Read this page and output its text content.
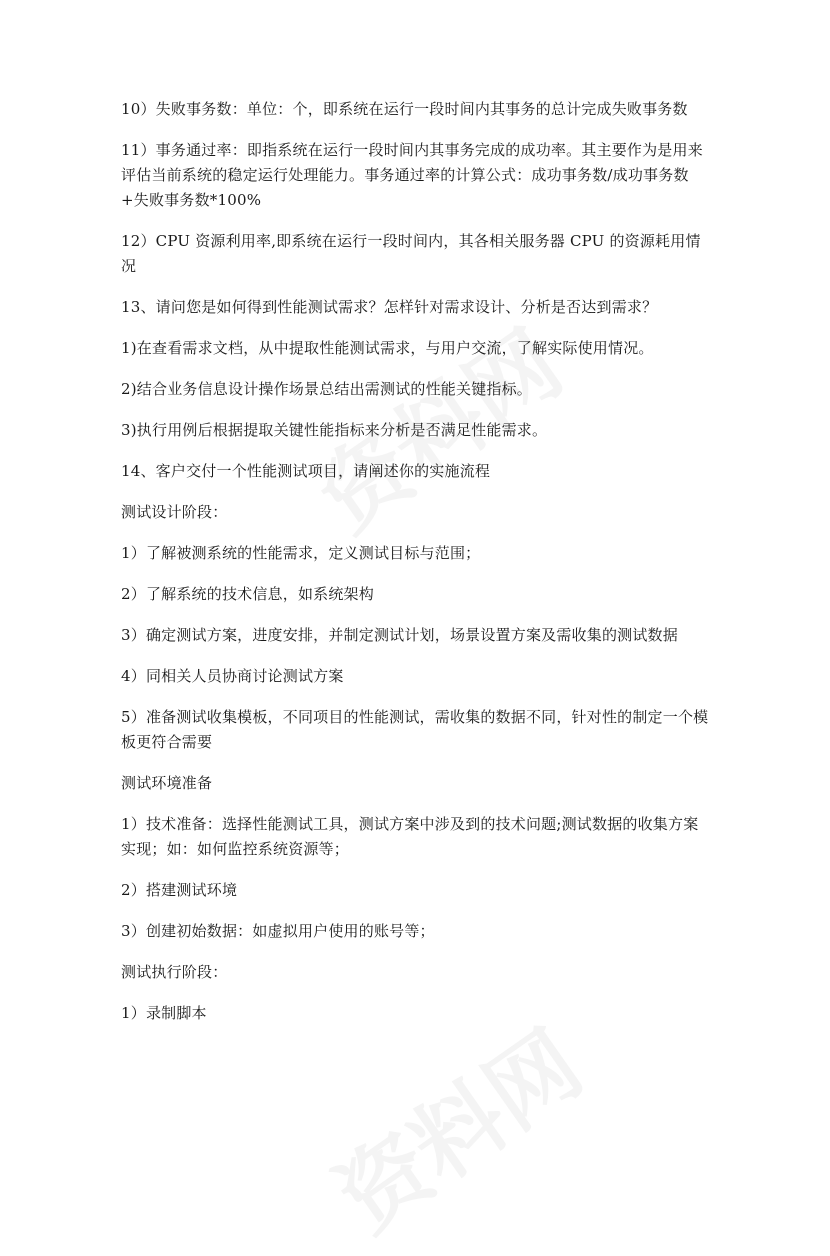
10）失败事务数：单位：个，即系统在运行一段时间内其事务的总计完成失败事务数

11）事务通过率：即指系统在运行一段时间内其事务完成的成功率。其主要作为是用来评估当前系统的稳定运行处理能力。事务通过率的计算公式：成功事务数/成功事务数+失败事务数*100%

12）CPU 资源利用率,即系统在运行一段时间内，其各相关服务器 CPU 的资源耗用情况

13、请问您是如何得到性能测试需求？怎样针对需求设计、分析是否达到需求？

1)在查看需求文档，从中提取性能测试需求，与用户交流，了解实际使用情况。

2)结合业务信息设计操作场景总结出需测试的性能关键指标。

3)执行用例后根据提取关键性能指标来分析是否满足性能需求。

14、客户交付一个性能测试项目，请阐述你的实施流程

测试设计阶段：

1）了解被测系统的性能需求，定义测试目标与范围；

2）了解系统的技术信息，如系统架构

3）确定测试方案，进度安排，并制定测试计划，场景设置方案及需收集的测试数据

4）同相关人员协商讨论测试方案

5）准备测试收集模板，不同项目的性能测试，需收集的数据不同，针对性的制定一个模板更符合需要

测试环境准备

1）技术准备：选择性能测试工具，测试方案中涉及到的技术问题;测试数据的收集方案实现；如：如何监控系统资源等；

2）搭建测试环境

3）创建初始数据：如虚拟用户使用的账号等；

测试执行阶段：

1）录制脚本
